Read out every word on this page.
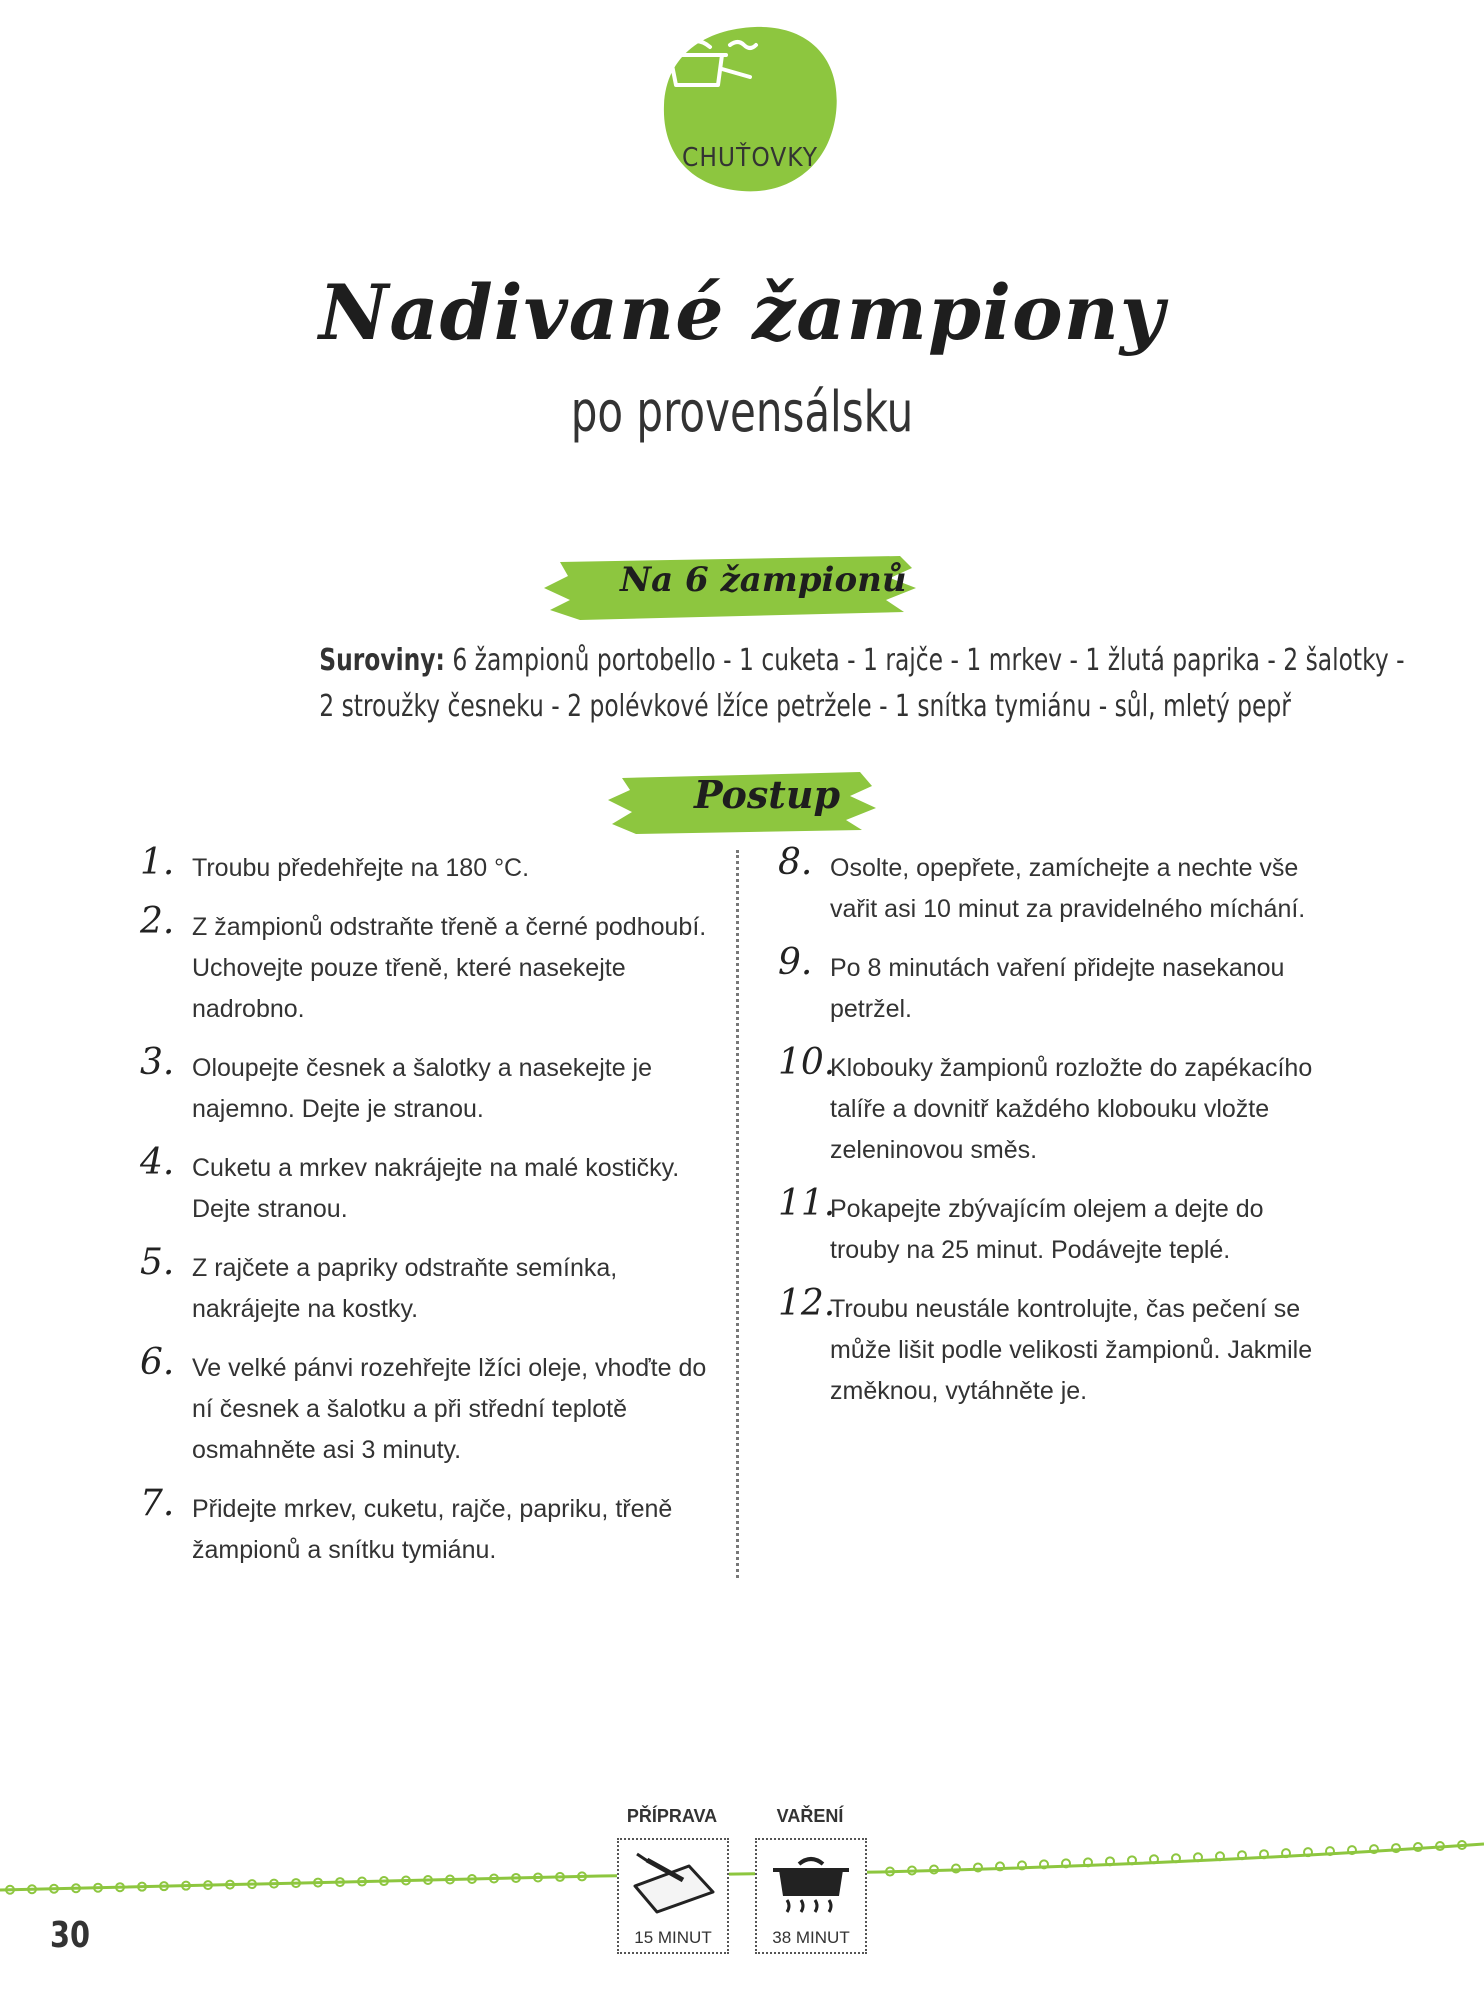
CHUŤOVKY
Nadivané žampiony
po provensálsku
Na 6 žampionů
Suroviny: 6 žampionů portobello - 1 cuketa - 1 rajče - 1 mrkev - 1 žlutá paprika - 2 šalotky -
2 stroužky česneku - 2 polévkové lžíce petržele - 1 snítka tymiánu - sůl, mletý pepř
Postup
1. Troubu předehřejte na 180 °C.
2. Z žampionů odstraňte třeně a černé podhoubí. Uchovejte pouze třeně, které nasekejte nadrobno.
3. Oloupejte česnek a šalotky a nasekejte je najemno. Dejte je stranou.
4. Cuketu a mrkev nakrájejte na malé kostičky. Dejte stranou.
5. Z rajčete a papriky odstraňte semínka, nakrájejte na kostky.
6. Ve velké pánvi rozehřejte lžíci oleje, vhoďte do ní česnek a šalotku a při střední teplotě osmahněte asi 3 minuty.
7. Přidejte mrkev, cuketu, rajče, papriku, třeně žampionů a snítku tymiánu.
8. Osolte, opepřete, zamíchejte a nechte vše vařit asi 10 minut za pravidelného míchání.
9. Po 8 minutách vaření přidejte nasekanou petržel.
10.
Klobouky žampionů rozložte do zapékacího talíře a dovnitř každého klobouku vložte zeleninovou směs.
11.
Pokapejte zbývajícím olejem a dejte do trouby na 25 minut. Podávejte teplé.
12.
Troubu neustále kontrolujte, čas pečení se může lišit podle velikosti žampionů. Jakmile změknou, vytáhněte je.
PŘÍPRAVA
15 MINUT
VAŘENÍ
38 MINUT
30
